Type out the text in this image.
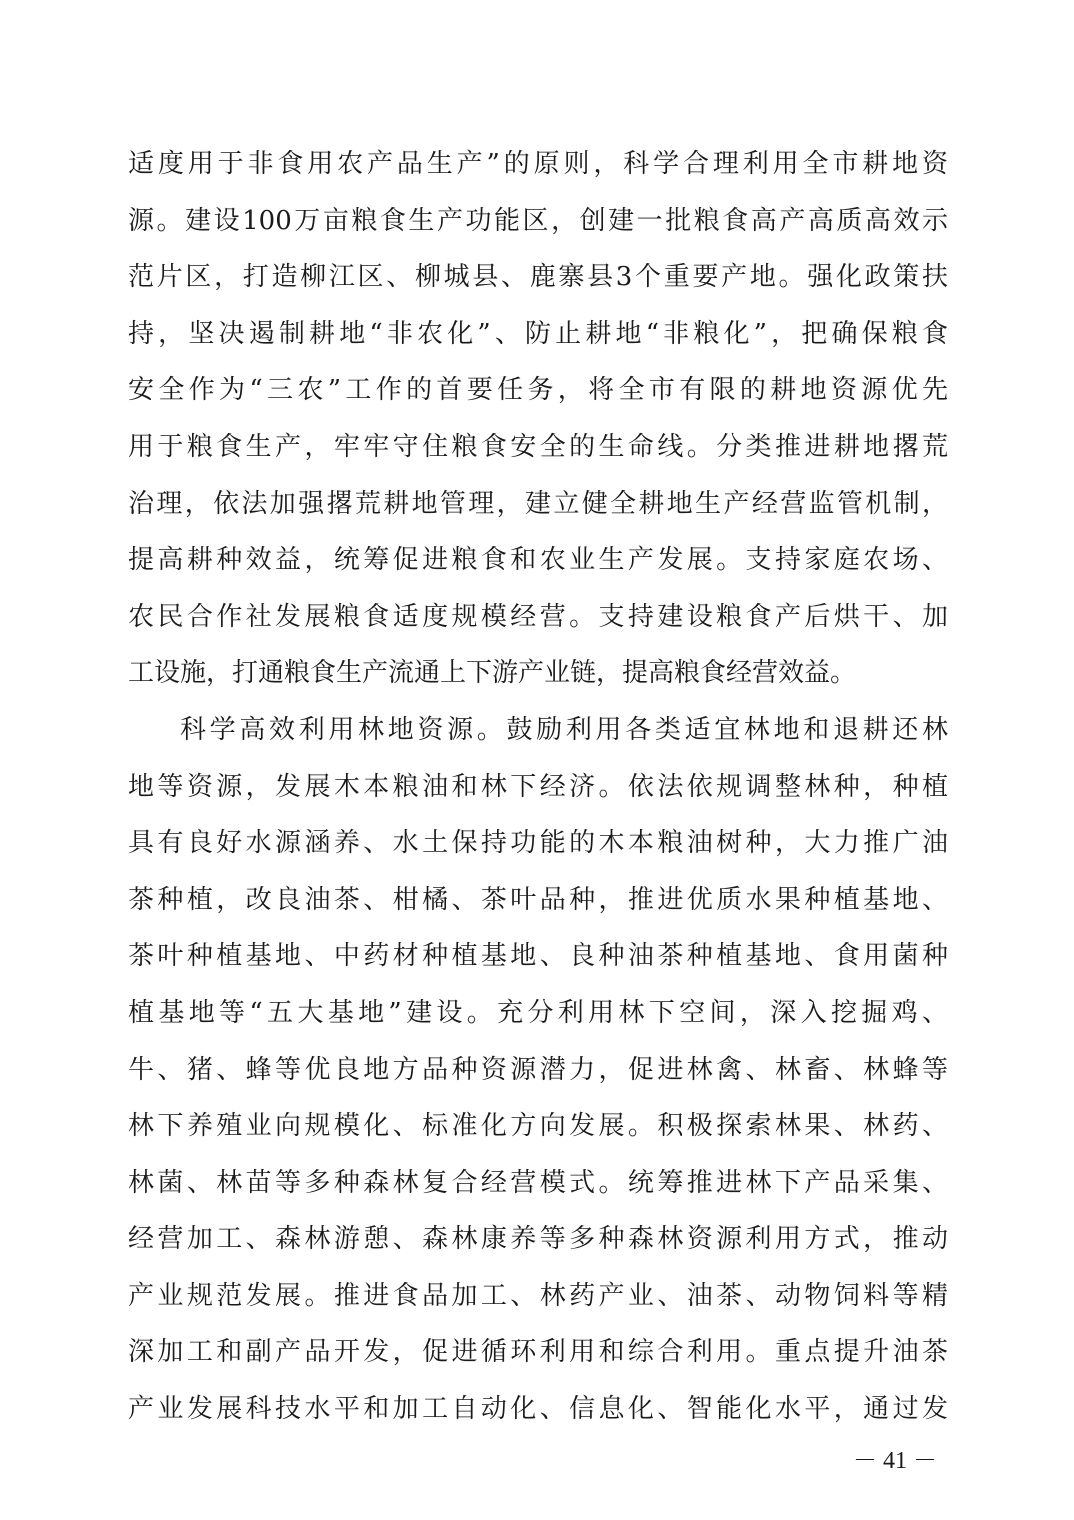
适度用于非食用农产品生产”的原则，科学合理利用全市耕地资
源。建设100万亩粮食生产功能区，创建一批粮食高产高质高效示
范片区，打造柳江区、柳城县、鹿寨县3个重要产地。强化政策扶
持，坚决遏制耕地“非农化”、防止耕地“非粮化”，把确保粮食
安全作为“三农”工作的首要任务，将全市有限的耕地资源优先
用于粮食生产，牢牢守住粮食安全的生命线。分类推进耕地撂荒
治理，依法加强撂荒耕地管理，建立健全耕地生产经营监管机制，
提高耕种效益，统筹促进粮食和农业生产发展。支持家庭农场、
农民合作社发展粮食适度规模经营。支持建设粮食产后烘干、加
工设施，打通粮食生产流通上下游产业链，提高粮食经营效益。
科学高效利用林地资源。鼓励利用各类适宜林地和退耕还林
地等资源，发展木本粮油和林下经济。依法依规调整林种，种植
具有良好水源涵养、水土保持功能的木本粮油树种，大力推广油
茶种植，改良油茶、柑橘、茶叶品种，推进优质水果种植基地、
茶叶种植基地、中药材种植基地、良种油茶种植基地、食用菌种
植基地等“五大基地”建设。充分利用林下空间，深入挖掘鸡、
牛、猪、蜂等优良地方品种资源潜力，促进林禽、林畜、林蜂等
林下养殖业向规模化、标准化方向发展。积极探索林果、林药、
林菌、林苗等多种森林复合经营模式。统筹推进林下产品采集、
经营加工、森林游憩、森林康养等多种森林资源利用方式，推动
产业规范发展。推进食品加工、林药产业、油茶、动物饲料等精
深加工和副产品开发，促进循环利用和综合利用。重点提升油茶
产业发展科技水平和加工自动化、信息化、智能化水平，通过发
－ 41 －
